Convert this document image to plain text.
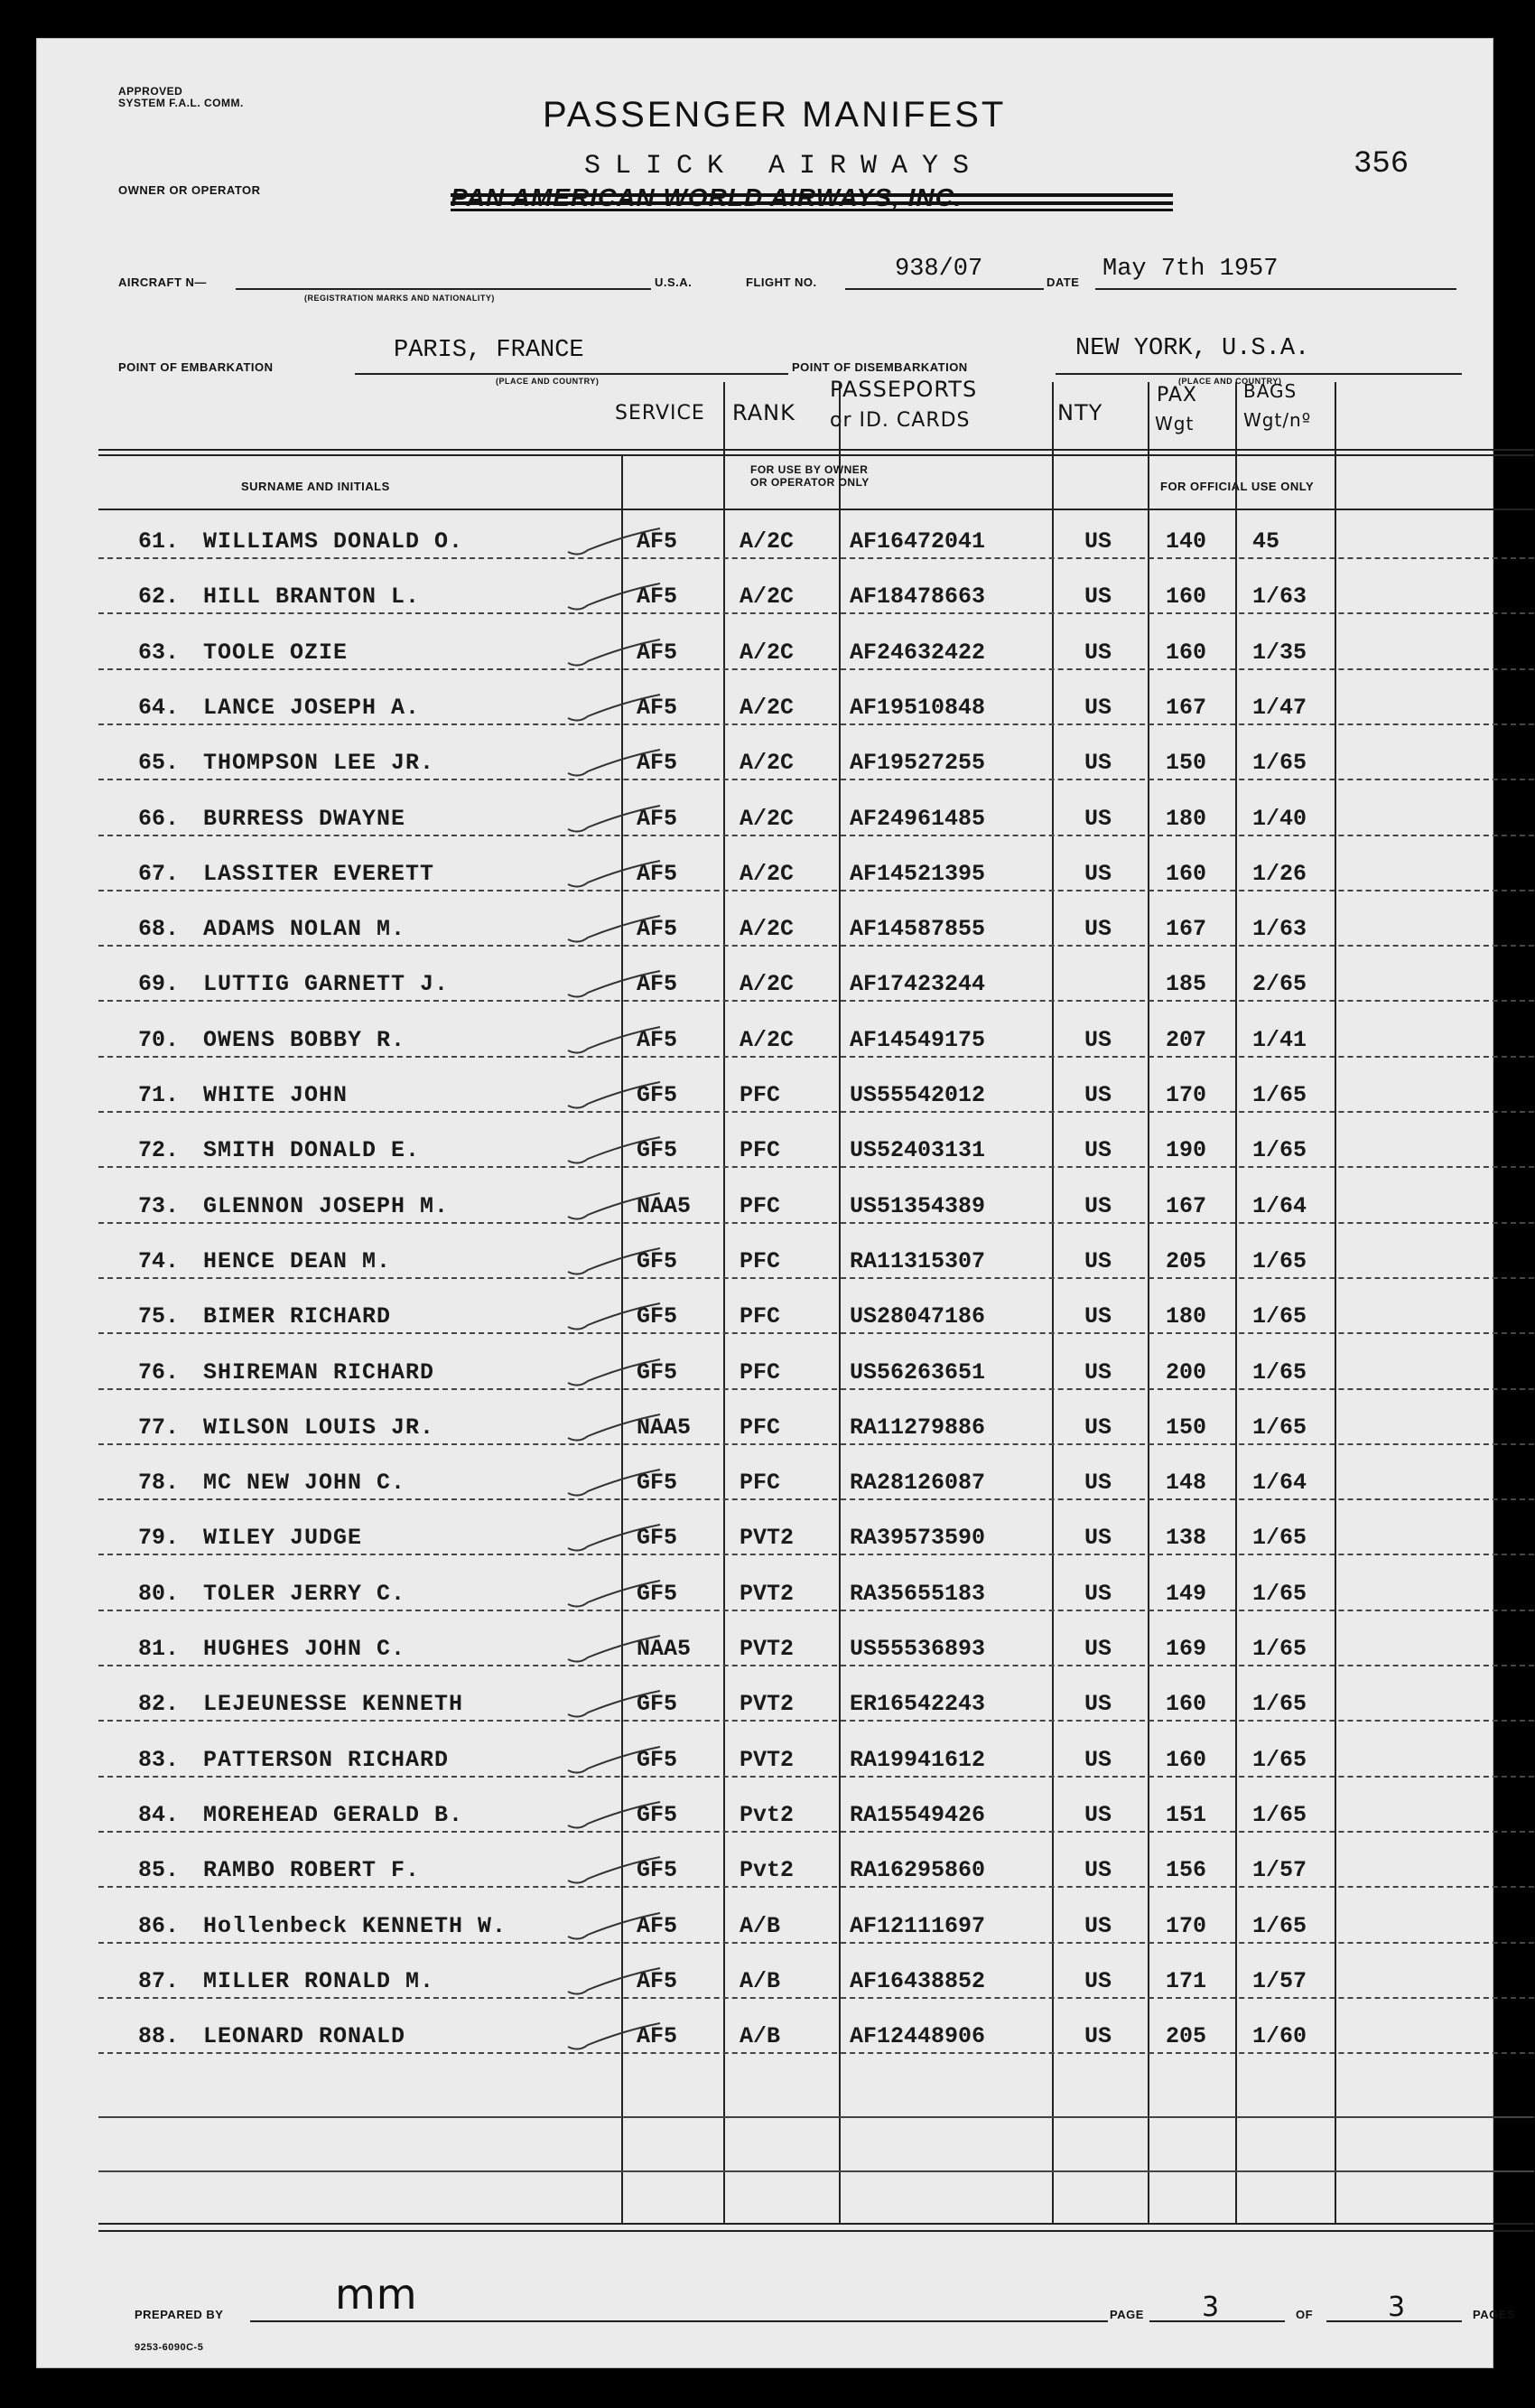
APPROVED
SYSTEM F.A.L. COMM.	PASSENGER MANIFEST
SLICK AIRWAYS
PAN AMERICAN WORLD AIRWAYS, INC.
356
OWNER OR OPERATOR
AIRCRAFT N—
(REGISTRATION MARKS AND NATIONALITY)
U.S.A.	FLIGHT NO.	938/07	DATE May 7th 1957
POINT OF EMBARKATION
PARIS, FRANCE
(PLACE AND COUNTRY)
POINT OF DISEMBARKATION
NEW YORK, U.S.A.
(PLACE AND COUNTRY)
SERVICE RANK
PASSEPORTS
or ID. CARDS	NTY
PAX
Wgt
BAGS
Wgt/nº
SURNAME AND INITIALS
FOR USE BY OWNER
OR OPERATOR ONLY	FOR OFFICIAL USE ONLY
61. WILLIAMS DONALD O.	AF5	A/2C AF16472041	US 140 45
62. HILL BRANTON L.	AF5	A/2C AF18478663	US 160 1/63
63. TOOLE OZIE	AF5	A/2C AF24632422	US 160 1/35
64. LANCE JOSEPH A.	AF5	A/2C AF19510848	US 167 1/47
65. THOMPSON LEE JR.	AF5	A/2C AF19527255	US 150 1/65
66. BURRESS DWAYNE	AF5	A/2C AF24961485	US 180 1/40
67. LASSITER EVERETT	AF5	A/2C AF14521395	US 160 1/26
68. ADAMS NOLAN M.	AF5	A/2C AF14587855	US 167 1/63
69. LUTTIG GARNETT J.	AF5	A/2C AF17423244	185 2/65
70. OWENS BOBBY R.	AF5	A/2C AF14549175	US 207 1/41
71. WHITE JOHN	GF5	PFC	US55542012	US 170 1/65
72. SMITH DONALD E.	GF5	PFC	US52403131	US 190 1/65
73. GLENNON JOSEPH M.	NAA5 PFC	US51354389	US 167 1/64
74. HENCE DEAN M.	GF5	PFC	RA11315307	US 205 1/65
75. BIMER RICHARD	GF5	PFC	US28047186	US 180 1/65
76. SHIREMAN RICHARD	GF5	PFC	US56263651	US 200 1/65
77. WILSON LOUIS JR.	NAA5 PFC	RA11279886	US 150 1/65
78. MC NEW JOHN C.	GF5	PFC	RA28126087	US 148 1/64
79. WILEY JUDGE	GF5	PVT2 RA39573590	US 138 1/65
80. TOLER JERRY C.	GF5	PVT2 RA35655183	US 149 1/65
81. HUGHES JOHN C.	NAA5 PVT2 US55536893	US 169 1/65
82. LEJEUNESSE KENNETH	GF5	PVT2 ER16542243	US 160 1/65
83. PATTERSON RICHARD	GF5	PVT2 RA19941612	US 160 1/65
84. MOREHEAD GERALD B.	GF5	Pvt2 RA15549426	US 151 1/65
85. RAMBO ROBERT F.	GF5	Pvt2 RA16295860	US 156 1/57
86. Hollenbeck KENNETH W.	AF5	A/B	AF12111697	US 170 1/65
87. MILLER RONALD M.	AF5	A/B	AF16438852	US 171 1/57
88. LEONARD RONALD	AF5	A/B	AF12448906	US 205 1/60
PREPARED BY	mm	PAGE 3	OF	3	PAGES
9253-6090C-5
